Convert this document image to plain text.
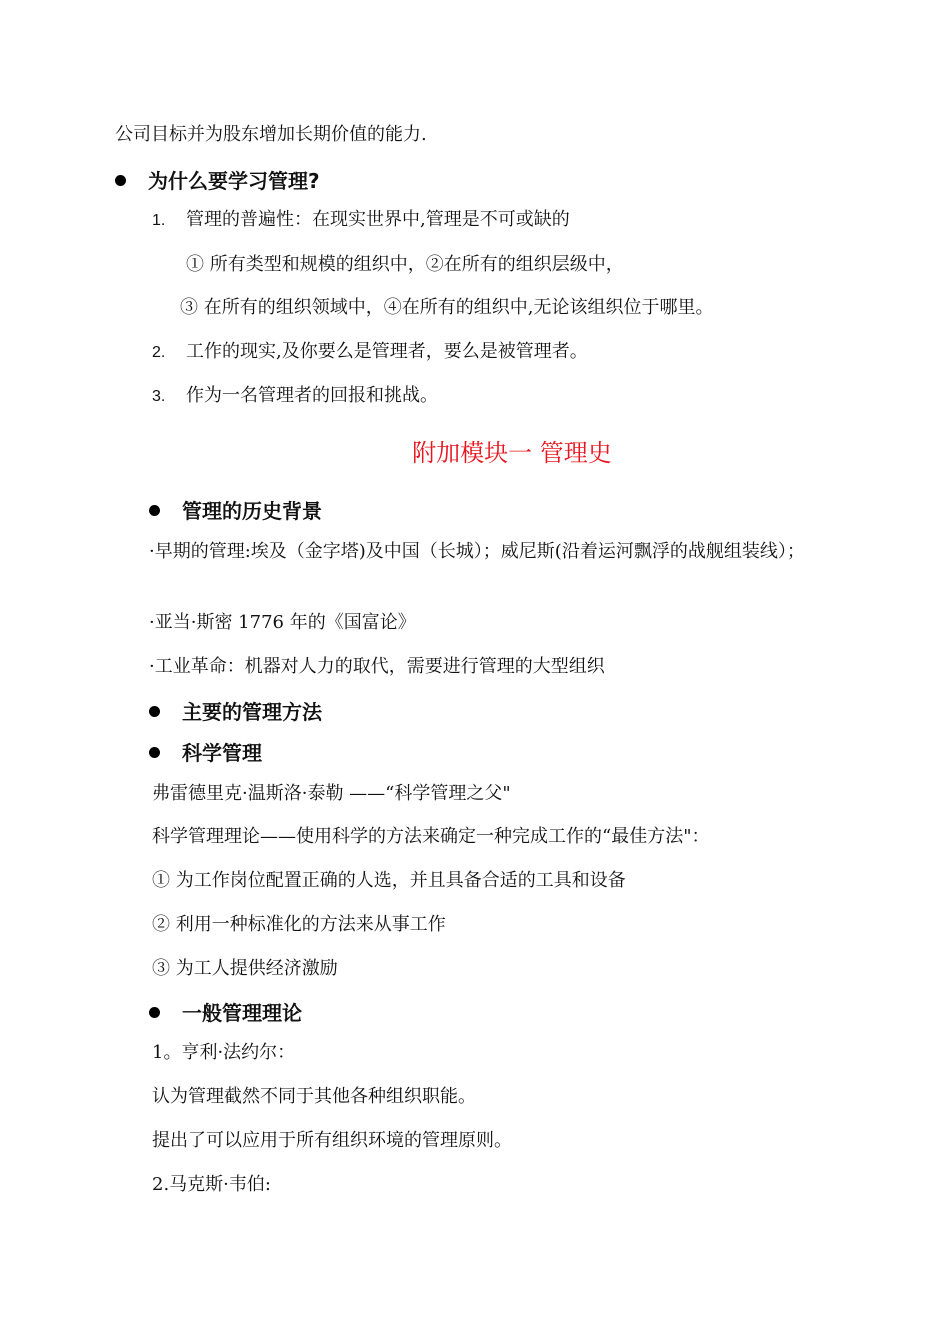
公司目标并为股东增加长期价值的能力.
为什么要学习管理?
1. 管理的普遍性：在现实世界中,管理是不可或缺的
① 所有类型和规模的组织中，②在所有的组织层级中，
③ 在所有的组织领域中，④在所有的组织中,无论该组织位于哪里。
2. 工作的现实,及你要么是管理者，要么是被管理者。
3. 作为一名管理者的回报和挑战。
附加模块一 管理史
管理的历史背景
·早期的管理:埃及（金字塔)及中国（长城）；威尼斯(沿着运河飘浮的战舰组装线）；
·亚当·斯密 1776 年的《国富论》
·工业革命：机器对人力的取代，需要进行管理的大型组织
主要的管理方法
科学管理
弗雷德里克·温斯洛·泰勒 ——“科学管理之父"
科学管理理论——使用科学的方法来确定一种完成工作的“最佳方法"：
① 为工作岗位配置正确的人选，并且具备合适的工具和设备
② 利用一种标准化的方法来从事工作
③ 为工人提供经济激励
一般管理理论
1。亨利·法约尔：
认为管理截然不同于其他各种组织职能。
提出了可以应用于所有组织环境的管理原则。
2.马克斯·韦伯:
